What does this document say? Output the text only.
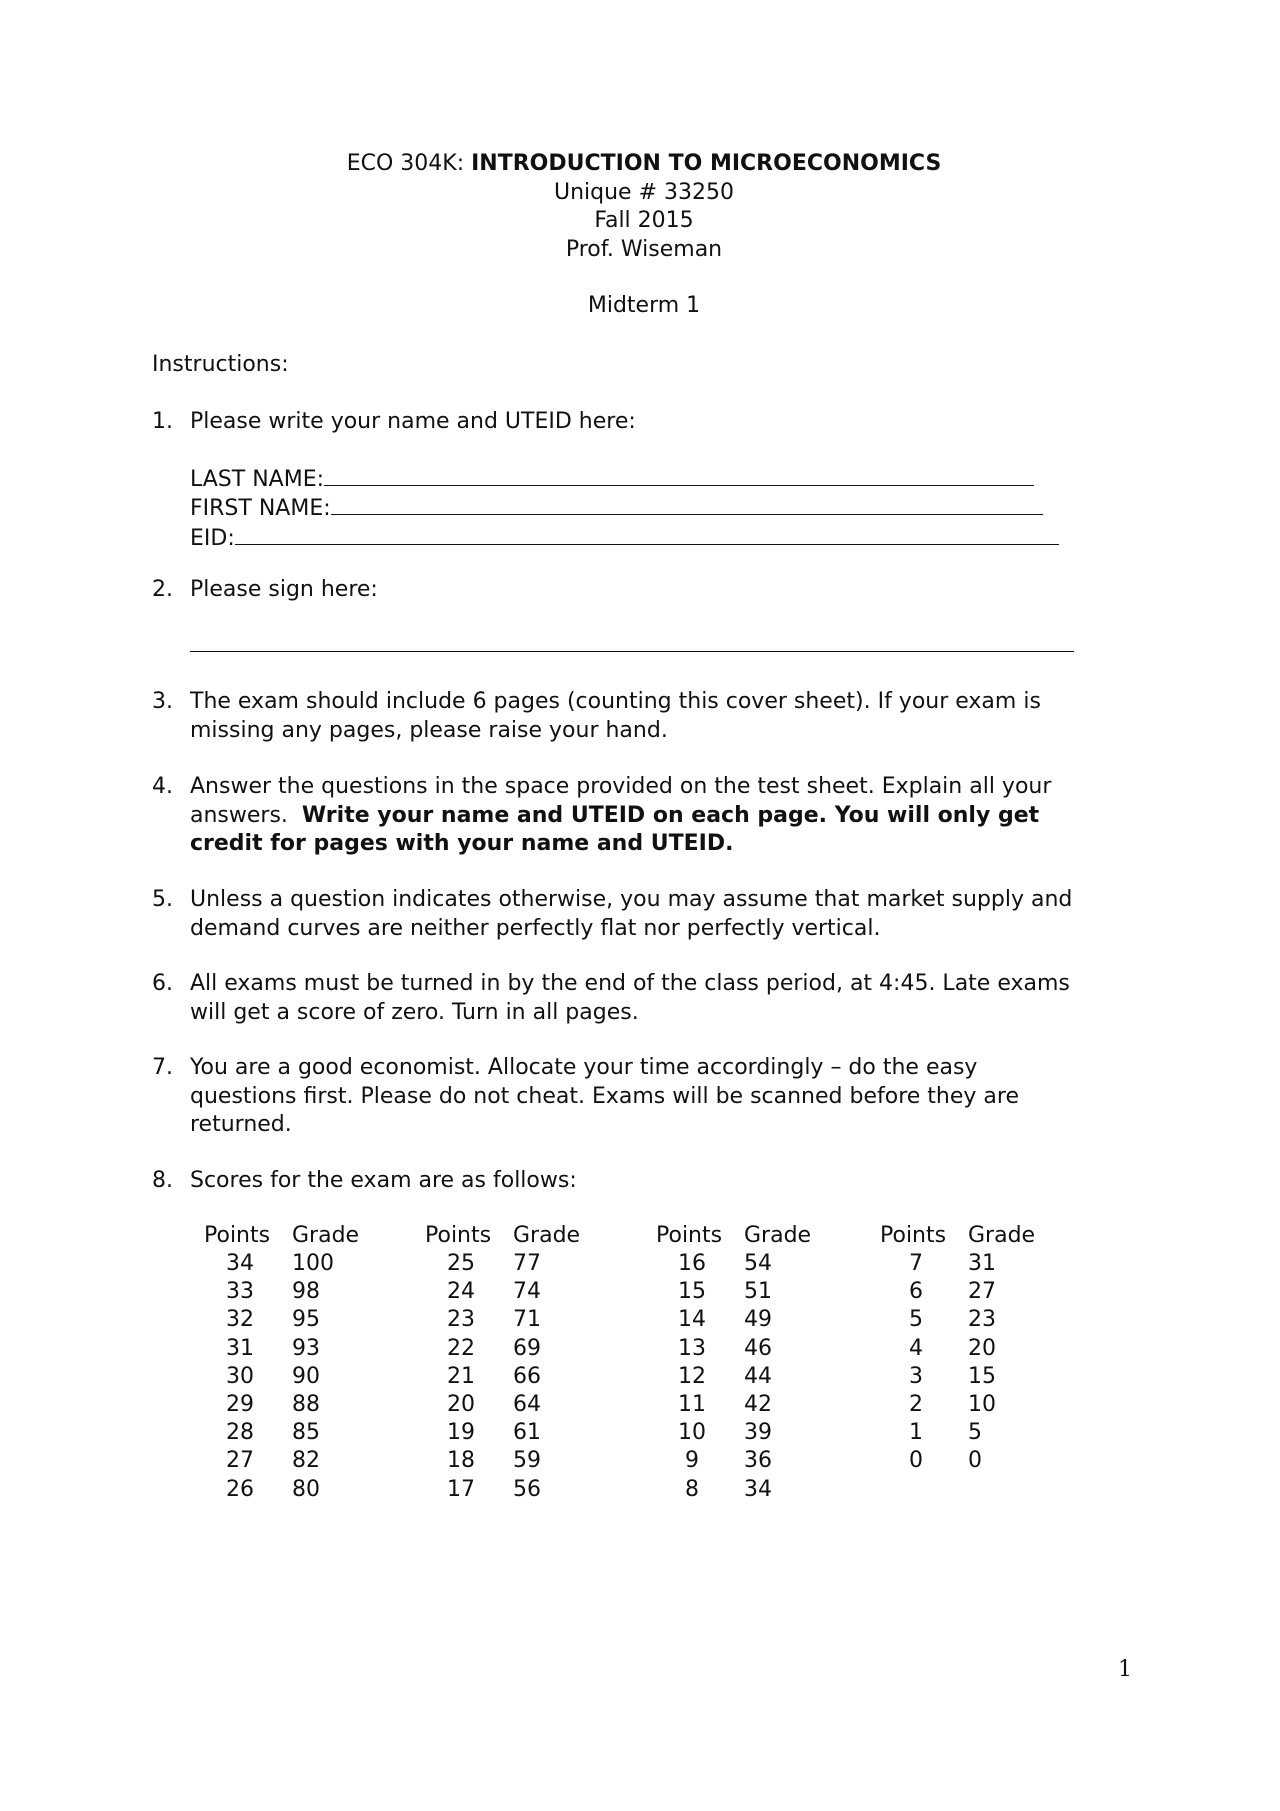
ECO 304K: INTRODUCTION TO MICROECONOMICS
Unique # 33250
Fall 2015
Prof. Wiseman
Midterm 1
Instructions:
1. Please write your name and UTEID here:
LAST NAME:
FIRST NAME:
EID:
2. Please sign here:
3. The exam should include 6 pages (counting this cover sheet). If your exam is
missing any pages, please raise your hand.
4. Answer the questions in the space provided on the test sheet. Explain all your
answers. Write your name and UTEID on each page. You will only get
credit for pages with your name and UTEID.
5. Unless a question indicates otherwise, you may assume that market supply and
demand curves are neither perfectly flat nor perfectly vertical.
6. All exams must be turned in by the end of the class period, at 4:45. Late exams
will get a score of zero. Turn in all pages.
7. You are a good economist. Allocate your time accordingly – do the easy
questions first. Please do not cheat. Exams will be scanned before they are
returned.
8. Scores for the exam are as follows:
Points Grade
34	100
33	98
32	95
31	93
30	90
29	88
28	85
27	82
26	80
Points Grade
25	77
24	74
23	71
22	69
21	66
20	64
19	61
18	59
17	56
Points Grade
16	54
15	51
14	49
13	46
12	44
11	42
10	39
9	36
8	34
Points Grade
7	31
6	27
5	23
4	20
3	15
2	10
1	5
0	0
1
